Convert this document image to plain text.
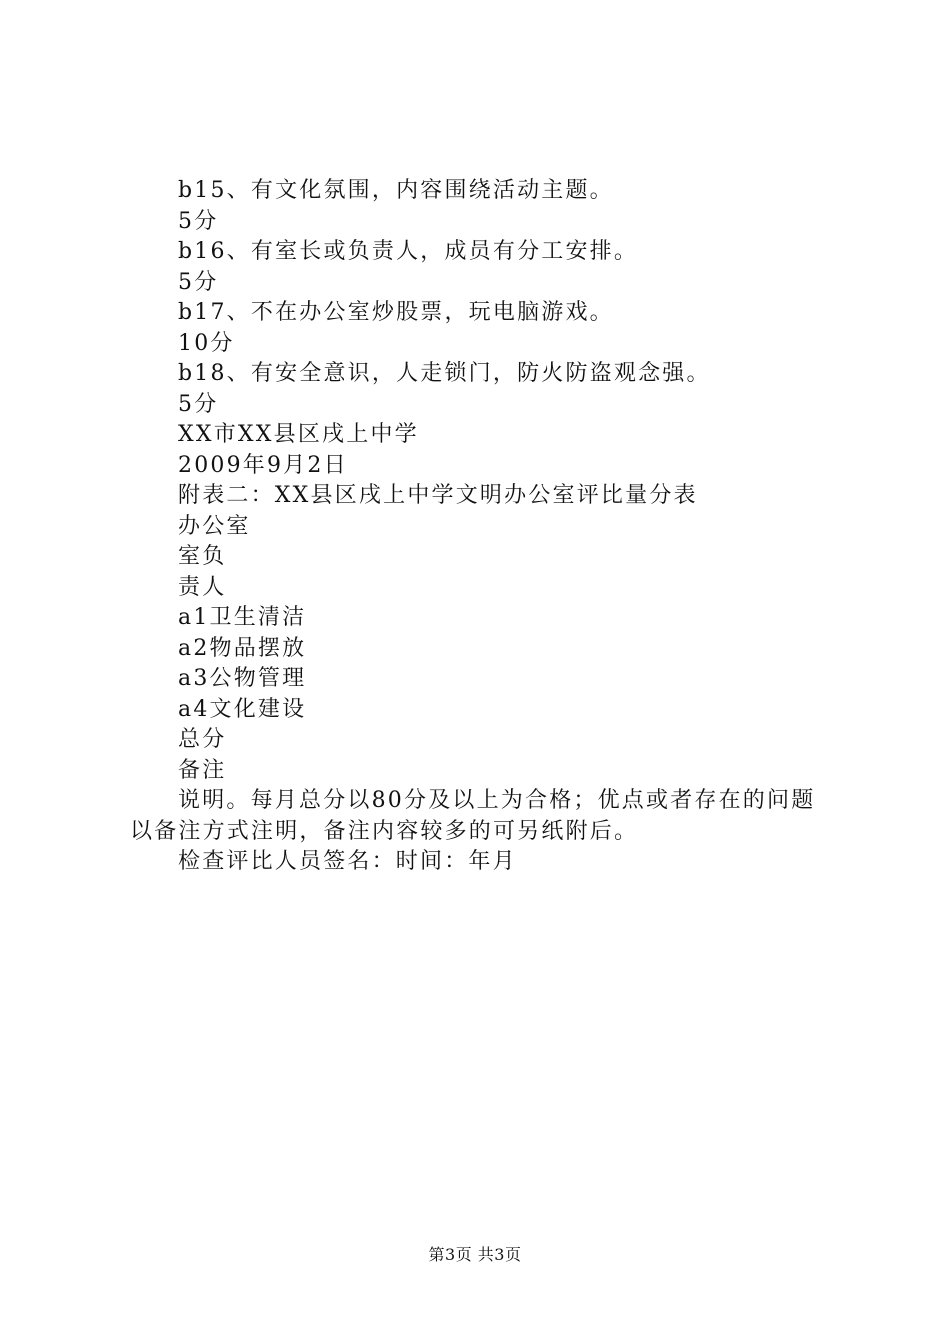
b15、有文化氛围，内容围绕活动主题。

5分

b16、有室长或负责人，成员有分工安排。

5分

b17、不在办公室炒股票，玩电脑游戏。

10分

b18、有安全意识，人走锁门，防火防盗观念强。

5分

XX市XX县区戌上中学

2009年9月2日

附表二：XX县区戌上中学文明办公室评比量分表

办公室

室负

责人

a1卫生清洁

a2物品摆放

a3公物管理

a4文化建设

总分

备注

说明。每月总分以80分及以上为合格；优点或者存在的问题以备注方式注明，备注内容较多的可另纸附后。

检查评比人员签名：时间：年月

第3页 共3页
